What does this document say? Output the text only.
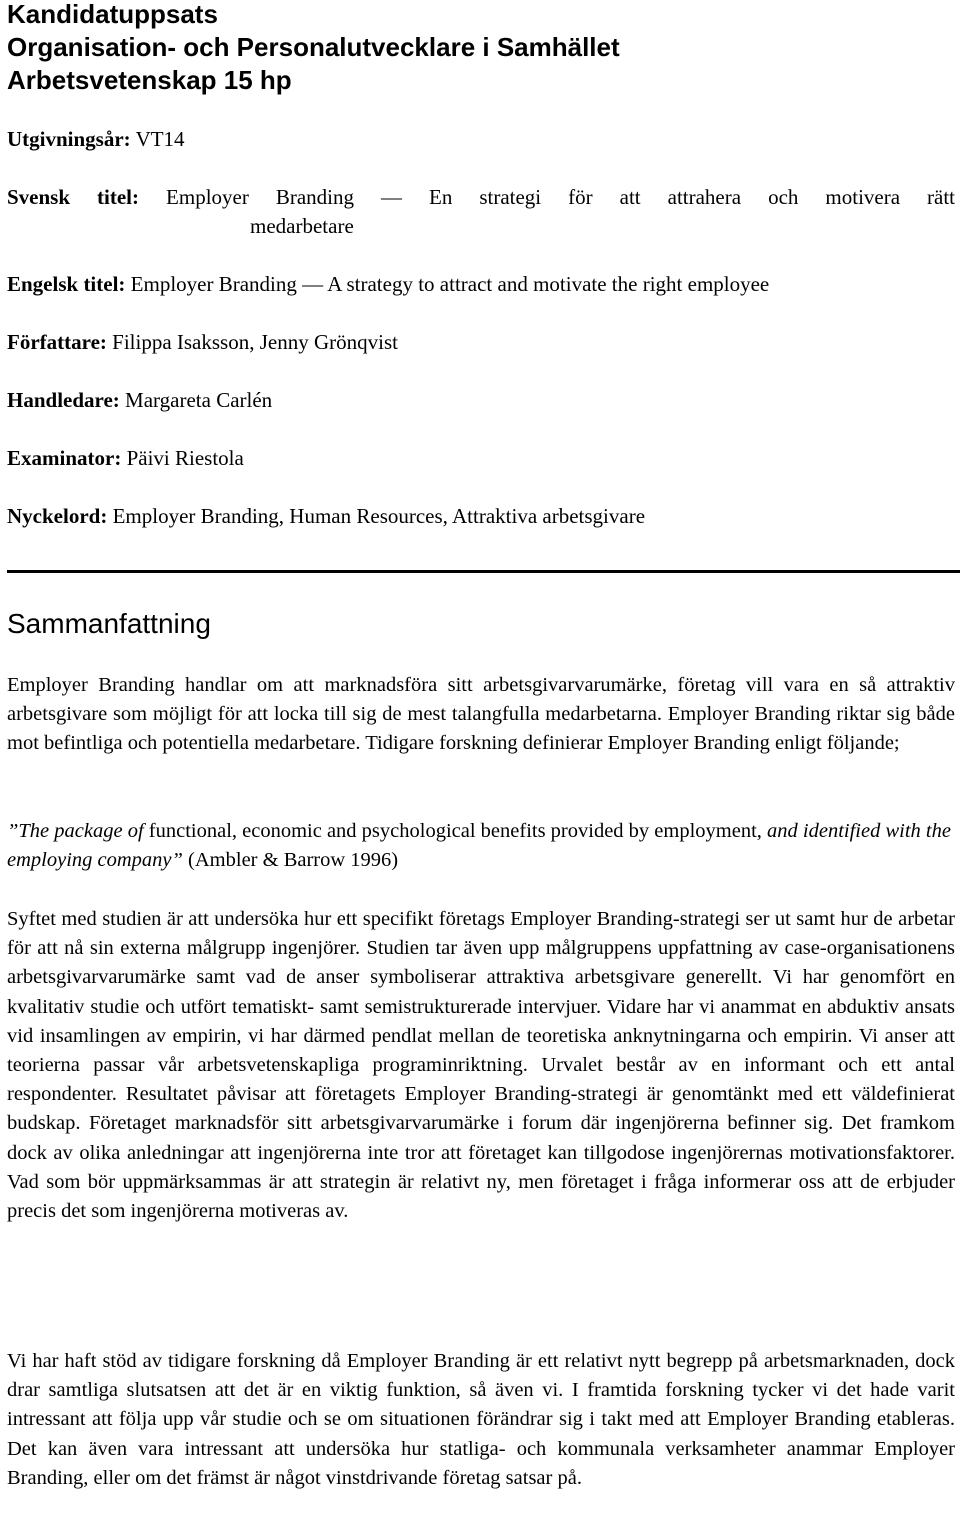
Kandidatuppsats

Organisation- och Personalutvecklare i Samhället

Arbetsvetenskap 15 hp

Utgivningsår: VT14

Svensk titel: Employer Branding — En strategi för att attrahera och motivera rätt
medarbetare

Engelsk titel: Employer Branding — A strategy to attract and motivate the right employee

Författare: Filippa Isaksson, Jenny Grönqvist

Handledare: Margareta Carlén

Examinator: Päivi Riestola

Nyckelord: Employer Branding, Human Resources, Attraktiva arbetsgivare

Sammanfattning

Employer Branding handlar om att marknadsföra sitt arbetsgivarvarumärke, företag vill vara en så attraktiv arbetsgivare som möjligt för att locka till sig de mest talangfulla medarbetarna. Employer Branding riktar sig både mot befintliga och potentiella medarbetare. Tidigare forskning definierar Employer Branding enligt följande;

”The package of functional, economic and psychological benefits provided by employment, and identified with the employing company” (Ambler & Barrow 1996)

Syftet med studien är att undersöka hur ett specifikt företags Employer Branding-strategi ser ut samt hur de arbetar för att nå sin externa målgrupp ingenjörer. Studien tar även upp målgruppens uppfattning av case-organisationens arbetsgivarvarumärke samt vad de anser symboliserar attraktiva arbetsgivare generellt. Vi har genomfört en kvalitativ studie och utfört tematiskt- samt semistrukturerade intervjuer. Vidare har vi anammat en abduktiv ansats vid insamlingen av empirin, vi har därmed pendlat mellan de teoretiska anknytningarna och empirin. Vi anser att teorierna passar vår arbetsvetenskapliga programinriktning. Urvalet består av en informant och ett antal respondenter. Resultatet påvisar att företagets Employer Branding-strategi är genomtänkt med ett väldefinierat budskap. Företaget marknadsför sitt arbetsgivarvarumärke i forum där ingenjörerna befinner sig. Det framkom dock av olika anledningar att ingenjörerna inte tror att företaget kan tillgodose ingenjörernas motivationsfaktorer. Vad som bör uppmärksammas är att strategin är relativt ny, men företaget i fråga informerar oss att de erbjuder precis det som ingenjörerna motiveras av.

Vi har haft stöd av tidigare forskning då Employer Branding är ett relativt nytt begrepp på arbetsmarknaden, dock drar samtliga slutsatsen att det är en viktig funktion, så även vi. I framtida forskning tycker vi det hade varit intressant att följa upp vår studie och se om situationen förändrar sig i takt med att Employer Branding etableras. Det kan även vara intressant att undersöka hur statliga- och kommunala verksamheter anammar Employer Branding, eller om det främst är något vinstdrivande företag satsar på.
